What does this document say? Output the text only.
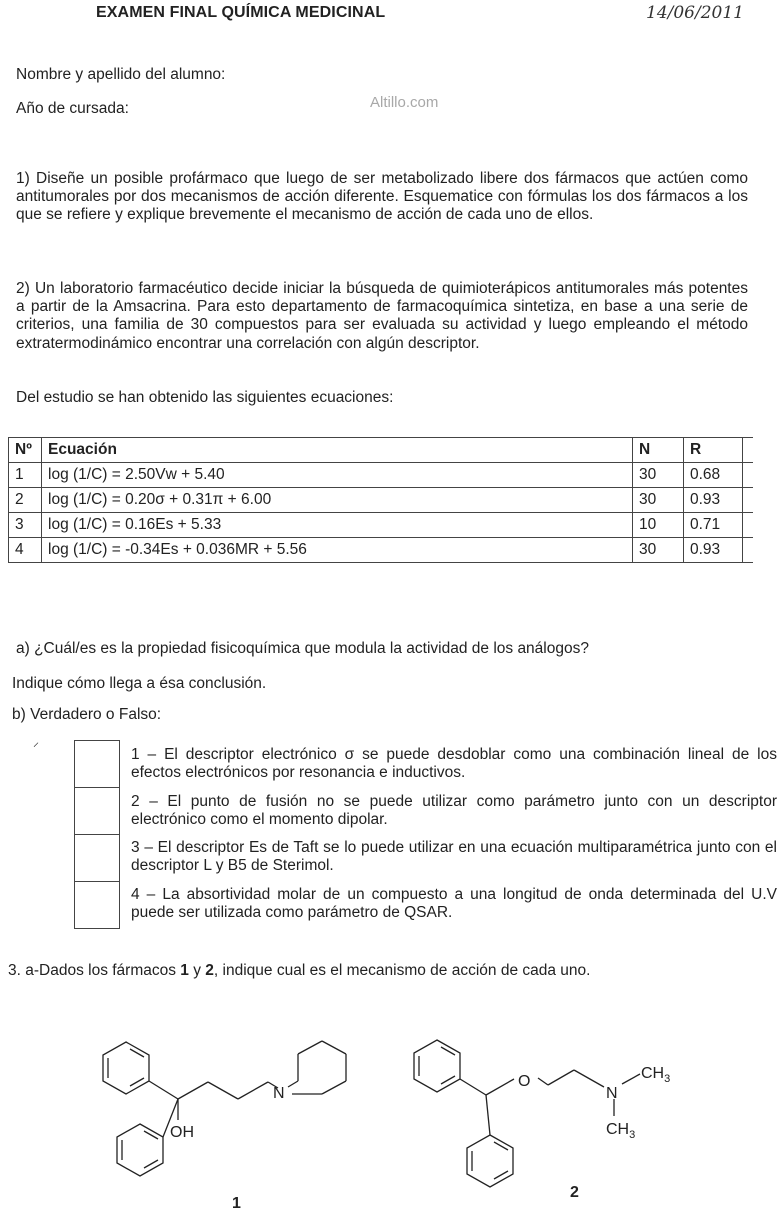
EXAMEN FINAL QUÍMICA MEDICINAL	14/06/2011
Nombre y apellido del alumno:
Año de cursada:	Altillo.com
1) Diseñe un posible profármaco que luego de ser metabolizado libere dos fármacos que actúen como antitumorales por dos mecanismos de acción diferente. Esquematice con fórmulas los dos fármacos a los que se refiere y explique brevemente el mecanismo de acción de cada uno de ellos.
2) Un laboratorio farmacéutico decide iniciar la búsqueda de quimioterápicos antitumorales más potentes a partir de la Amsacrina. Para esto departamento de farmacoquímica sintetiza, en base a una serie de criterios, una familia de 30 compuestos para ser evaluada su actividad y luego empleando el método extratermodinámico encontrar una correlación con algún descriptor.
Del estudio se han obtenido las siguientes ecuaciones:
Nº	Ecuación	N	R	
1	log (1/C) = 2.50Vw + 5.40	30	0.68	
2	log (1/C) = 0.20σ + 0.31π + 6.00	30	0.93	
3	log (1/C) = 0.16Es + 5.33	10	0.71	
4	log (1/C) = -0.34Es + 0.036MR + 5.56	30	0.93	
a) ¿Cuál/es es la propiedad fisicoquímica que modula la actividad de los análogos?
Indique cómo llega a ésa conclusión.
b) Verdadero o Falso:
⸝

1 – El descriptor electrónico σ se puede desdoblar como una combinación lineal de los efectos electrónicos por resonancia e inductivos.
2 – El punto de fusión no se puede utilizar como parámetro junto con un descriptor electrónico como el momento dipolar.
3 – El descriptor Es de Taft se lo puede utilizar en una ecuación multiparamétrica junto con el descriptor L y B5 de Sterimol.
4 – La absortividad molar de un compuesto a una longitud de onda determinada del U.V puede ser utilizada como parámetro de QSAR.
3. a-Dados los fármacos 1 y 2, indique cual es el mecanismo de acción de cada uno.
N
OH
O
N
$CH_3$
$CH_3$
1
2
